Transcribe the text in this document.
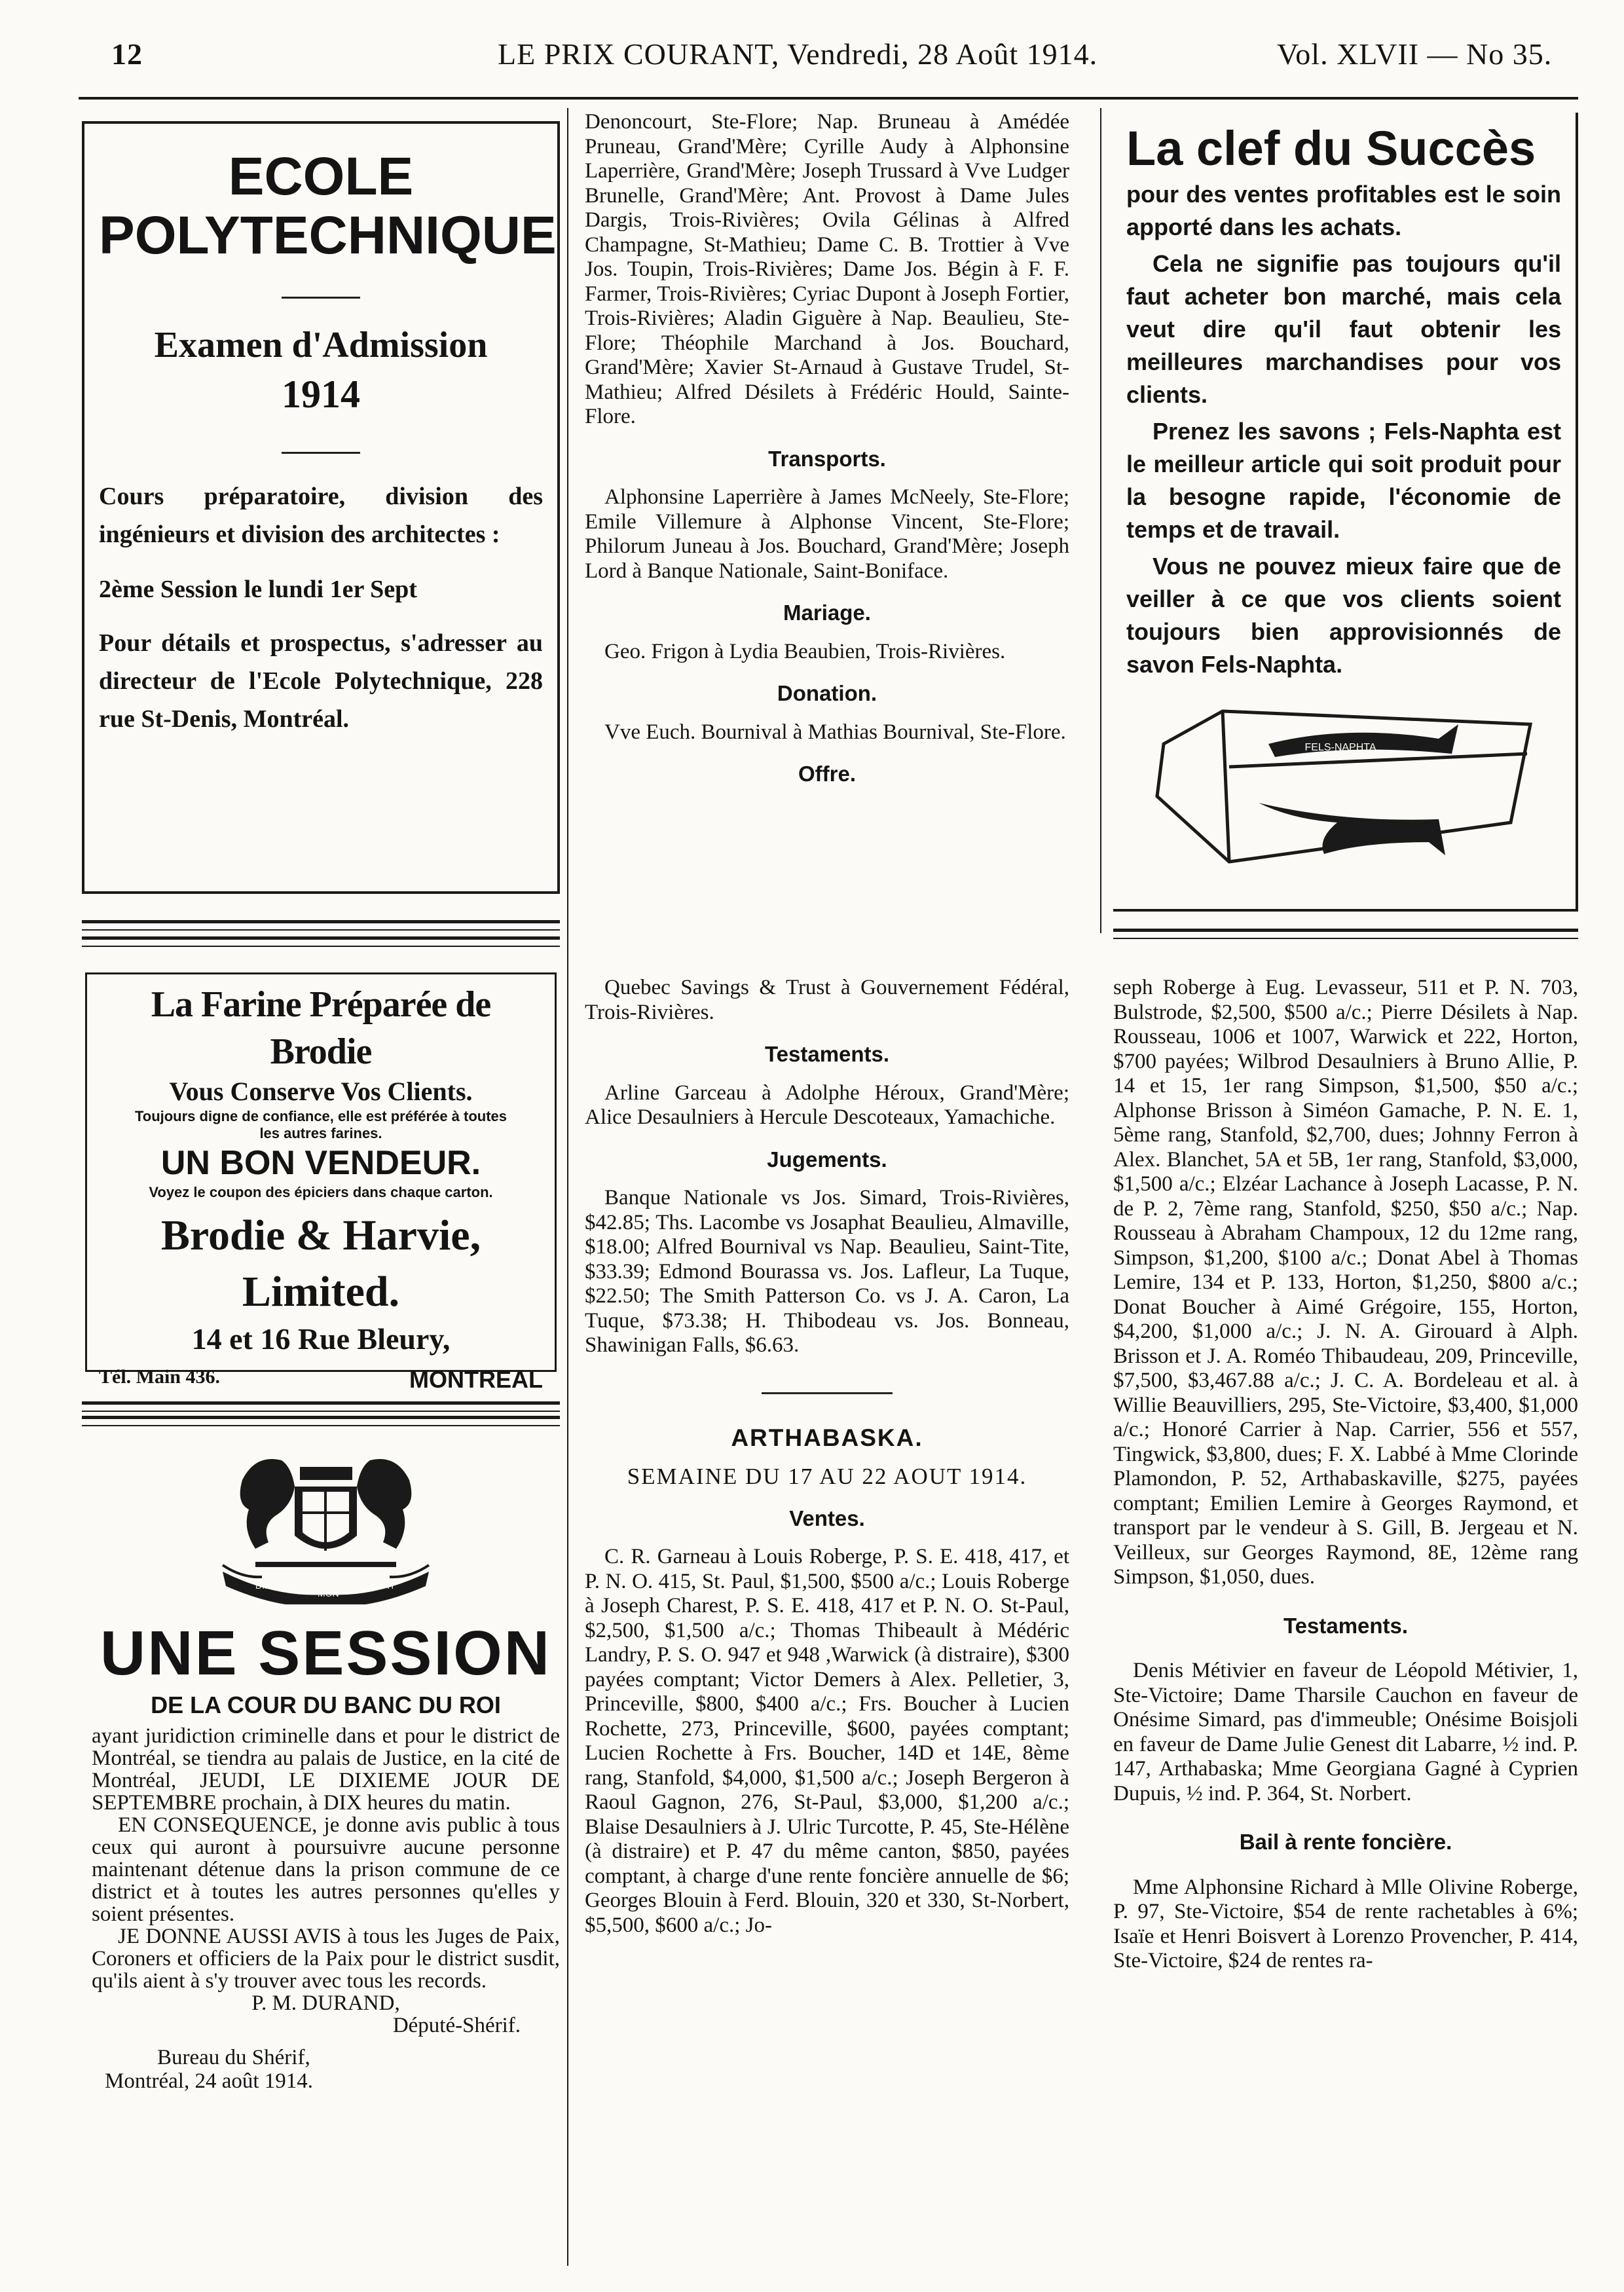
12	LE PRIX COURANT, Vendredi, 28 Août 1914.	Vol. XLVII — No 35.
ECOLE
POLYTECHNIQUE
Examen d'Admission
1914
Cours préparatoire, division des ingénieurs et division des architectes :
2ème Session le lundi 1er Sept
Pour détails et prospectus, s'adresser au directeur de l'Ecole Polytechnique, 228 rue St-Denis, Montréal.
La Farine Préparée de Brodie
Vous Conserve Vos Clients.
Toujours digne de confiance, elle est préférée à toutes les autres farines.
UN BON VENDEUR.
Voyez le coupon des épiciers dans chaque carton.
Brodie & Harvie, Limited.
14 et 16 Rue Bleury,
Tél. Main 436.	MONTREAL
DIEU ET
MON
DROIT
UNE SESSION
DE LA COUR DU BANC DU ROI
ayant juridiction criminelle dans et pour le district de Montréal, se tiendra au palais de Justice, en la cité de Montréal, JEUDI, LE DIXIEME JOUR DE SEPTEMBRE prochain, à DIX heures du matin.
EN CONSEQUENCE, je donne avis public à tous ceux qui auront à poursuivre aucune personne maintenant détenue dans la prison commune de ce district et à toutes les autres personnes qu'elles y soient présentes.
JE DONNE AUSSI AVIS à tous les Juges de Paix, Coroners et officiers de la Paix pour le district susdit, qu'ils aient à s'y trouver avec tous les records.
P. M. DURAND,
Député-Shérif.
Bureau du Shérif,
Montréal, 24 août 1914.

Denoncourt, Ste-Flore; Nap. Bruneau à Amédée Pruneau, Grand'Mère; Cyrille Audy à Alphonsine Laperrière, Grand'Mère; Joseph Trussard à Vve Ludger Brunelle, Grand'Mère; Ant. Provost à Dame Jules Dargis, Trois-Rivières; Ovila Gélinas à Alfred Champagne, St-Mathieu; Dame C. B. Trottier à Vve Jos. Toupin, Trois-Rivières; Dame Jos. Bégin à F. F. Farmer, Trois-Rivières; Cyriac Dupont à Joseph Fortier, Trois-Rivières; Aladin Giguère à Nap. Beaulieu, Ste-Flore; Théophile Marchand à Jos. Bouchard, Grand'Mère; Xavier St-Arnaud à Gustave Trudel, St-Mathieu; Alfred Désilets à Frédéric Hould, Sainte-Flore.

Transports.

Alphonsine Laperrière à James McNeely, Ste-Flore; Emile Villemure à Alphonse Vincent, Ste-Flore; Philorum Juneau à Jos. Bouchard, Grand'Mère; Joseph Lord à Banque Nationale, Saint-Boniface.

Mariage.

Geo. Frigon à Lydia Beaubien, Trois-Rivières.

Donation.

Vve Euch. Bournival à Mathias Bournival, Ste-Flore.

Offre.

Quebec Savings & Trust à Gouvernement Fédéral, Trois-Rivières.

Testaments.

Arline Garceau à Adolphe Héroux, Grand'Mère; Alice Desaulniers à Hercule Descoteaux, Yamachiche.

Jugements.

Banque Nationale vs Jos. Simard, Trois-Rivières, $42.85; Ths. Lacombe vs Josaphat Beaulieu, Almaville, $18.00; Alfred Bournival vs Nap. Beaulieu, Saint-Tite, $33.39; Edmond Bourassa vs. Jos. Lafleur, La Tuque, $22.50; The Smith Patterson Co. vs J. A. Caron, La Tuque, $73.38; H. Thibodeau vs. Jos. Bonneau, Shawinigan Falls, $6.63.

ARTHABASKA.
SEMAINE DU 17 AU 22 AOUT 1914.
Ventes.

C. R. Garneau à Louis Roberge, P. S. E. 418, 417, et P. N. O. 415, St. Paul, $1,500, $500 a/c.; Louis Roberge à Joseph Charest, P. S. E. 418, 417 et P. N. O. St-Paul, $2,500, $1,500 a/c.; Thomas Thibeault à Médéric Landry, P. S. O. 947 et 948 ,Warwick (à distraire), $300 payées comptant; Victor Demers à Alex. Pelletier, 3, Princeville, $800, $400 a/c.; Frs. Boucher à Lucien Rochette, 273, Princeville, $600, payées comptant; Lucien Rochette à Frs. Boucher, 14D et 14E, 8ème rang, Stanfold, $4,000, $1,500 a/c.; Joseph Bergeron à Raoul Gagnon, 276, St-Paul, $3,000, $1,200 a/c.; Blaise Desaulniers à J. Ulric Turcotte, P. 45, Ste-Hélène (à distraire) et P. 47 du même canton, $850, payées comptant, à charge d'une rente foncière annuelle de $6; Georges Blouin à Ferd. Blouin, 320 et 330, St-Norbert, $5,500, $600 a/c.; Jo-

La clef du Succès
pour des ventes profitables est le soin apporté dans les achats.
Cela ne signifie pas toujours qu'il faut acheter bon marché, mais cela veut dire qu'il faut obtenir les meilleures marchandises pour vos clients.
Prenez les savons ; Fels-Naphta est le meilleur article qui soit produit pour la besogne rapide, l'économie de temps et de travail.
Vous ne pouvez mieux faire que de veiller à ce que vos clients soient toujours bien approvisionnés de savon Fels-Naphta.
FELS-NAPHTA

seph Roberge à Eug. Levasseur, 511 et P. N. 703, Bulstrode, $2,500, $500 a/c.; Pierre Désilets à Nap. Rousseau, 1006 et 1007, Warwick et 222, Horton, $700 payées; Wilbrod Desaulniers à Bruno Allie, P. 14 et 15, 1er rang Simpson, $1,500, $50 a/c.; Alphonse Brisson à Siméon Gamache, P. N. E. 1, 5ème rang, Stanfold, $2,700, dues; Johnny Ferron à Alex. Blanchet, 5A et 5B, 1er rang, Stanfold, $3,000, $1,500 a/c.; Elzéar Lachance à Joseph Lacasse, P. N. de P. 2, 7ème rang, Stanfold, $250, $50 a/c.; Nap. Rousseau à Abraham Champoux, 12 du 12me rang, Simpson, $1,200, $100 a/c.; Donat Abel à Thomas Lemire, 134 et P. 133, Horton, $1,250, $800 a/c.; Donat Boucher à Aimé Grégoire, 155, Horton, $4,200, $1,000 a/c.; J. N. A. Girouard à Alph. Brisson et J. A. Roméo Thibaudeau, 209, Princeville, $7,500, $3,467.88 a/c.; J. C. A. Bordeleau et al. à Willie Beauvilliers, 295, Ste-Victoire, $3,400, $1,000 a/c.; Honoré Carrier à Nap. Carrier, 556 et 557, Tingwick, $3,800, dues; F. X. Labbé à Mme Clorinde Plamondon, P. 52, Arthabaskaville, $275, payées comptant; Emilien Lemire à Georges Raymond, et transport par le vendeur à S. Gill, B. Jergeau et N. Veilleux, sur Georges Raymond, 8E, 12ème rang Simpson, $1,050, dues.

Testaments.

Denis Métivier en faveur de Léopold Métivier, 1, Ste-Victoire; Dame Tharsile Cauchon en faveur de Onésime Simard, pas d'immeuble; Onésime Boisjoli en faveur de Dame Julie Genest dit Labarre, ½ ind. P. 147, Arthabaska; Mme Georgiana Gagné à Cyprien Dupuis, ½ ind. P. 364, St. Norbert.

Bail à rente foncière.

Mme Alphonsine Richard à Mlle Olivine Roberge, P. 97, Ste-Victoire, $54 de rente rachetables à 6%; Isaïe et Henri Boisvert à Lorenzo Provencher, P. 414, Ste-Victoire, $24 de rentes ra-
